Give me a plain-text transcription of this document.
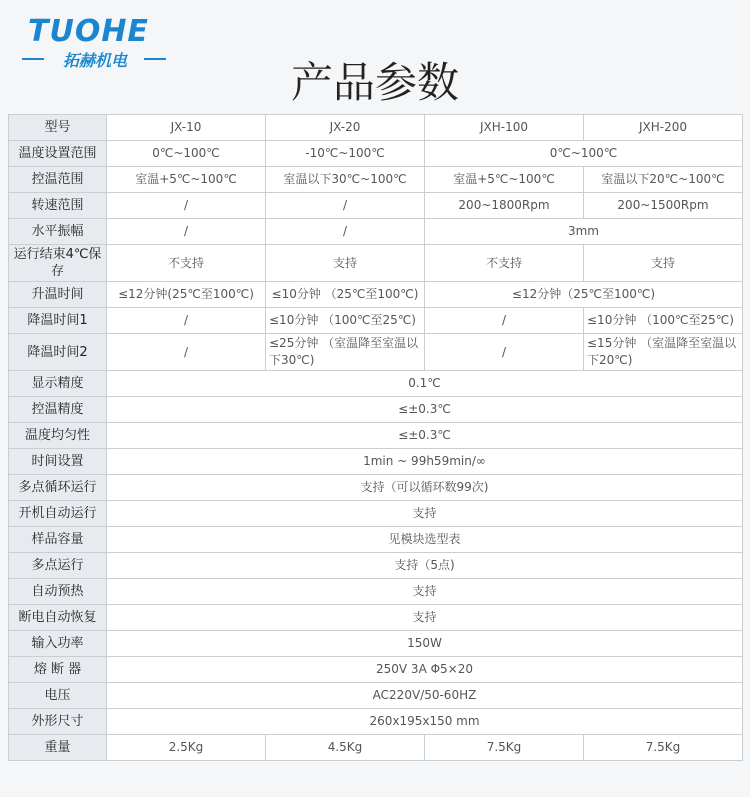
TUOHE
拓赫机电	产品参数
型号	JX-10	JX-20	JXH-100	JXH-200
温度设置范围	0℃~100℃	-10℃~100℃	0℃~100℃	
控温范围	室温+5℃~100℃	室温以下30℃~100℃	室温+5℃~100℃	室温以下20℃~100℃
转速范围	/	/	200~1800Rpm	200~1500Rpm
水平振幅	/	/	3mm	
运行结束4℃保存	不支持	支持	不支持	支持
升温时间	≤12分钟(25℃至100℃)	≤10分钟 （25℃至100℃)	≤12分钟（25℃至100℃)	
降温时间1	/	≤10分钟 （100℃至25℃)	/	≤10分钟 （100℃至25℃)
降温时间2	/	≤25分钟 （室温降至室温以下30℃)	/	≤15分钟 （室温降至室温以下20℃)
显示精度	0.1℃			
控温精度	≤±0.3℃			
温度均匀性	≤±0.3℃			
时间设置	1min ~ 99h59min/∞			
多点循环运行	支持（可以循环数99次)			
开机自动运行	支持			
样品容量	见模块选型表			
多点运行	支持（5点)			
自动预热	支持			
断电自动恢复	支持			
输入功率	150W			
熔 断 器	250V 3A Φ5×20			
电压	AC220V/50-60HZ			
外形尺寸	260x195x150 mm			
重量	2.5Kg	4.5Kg	7.5Kg	7.5Kg
